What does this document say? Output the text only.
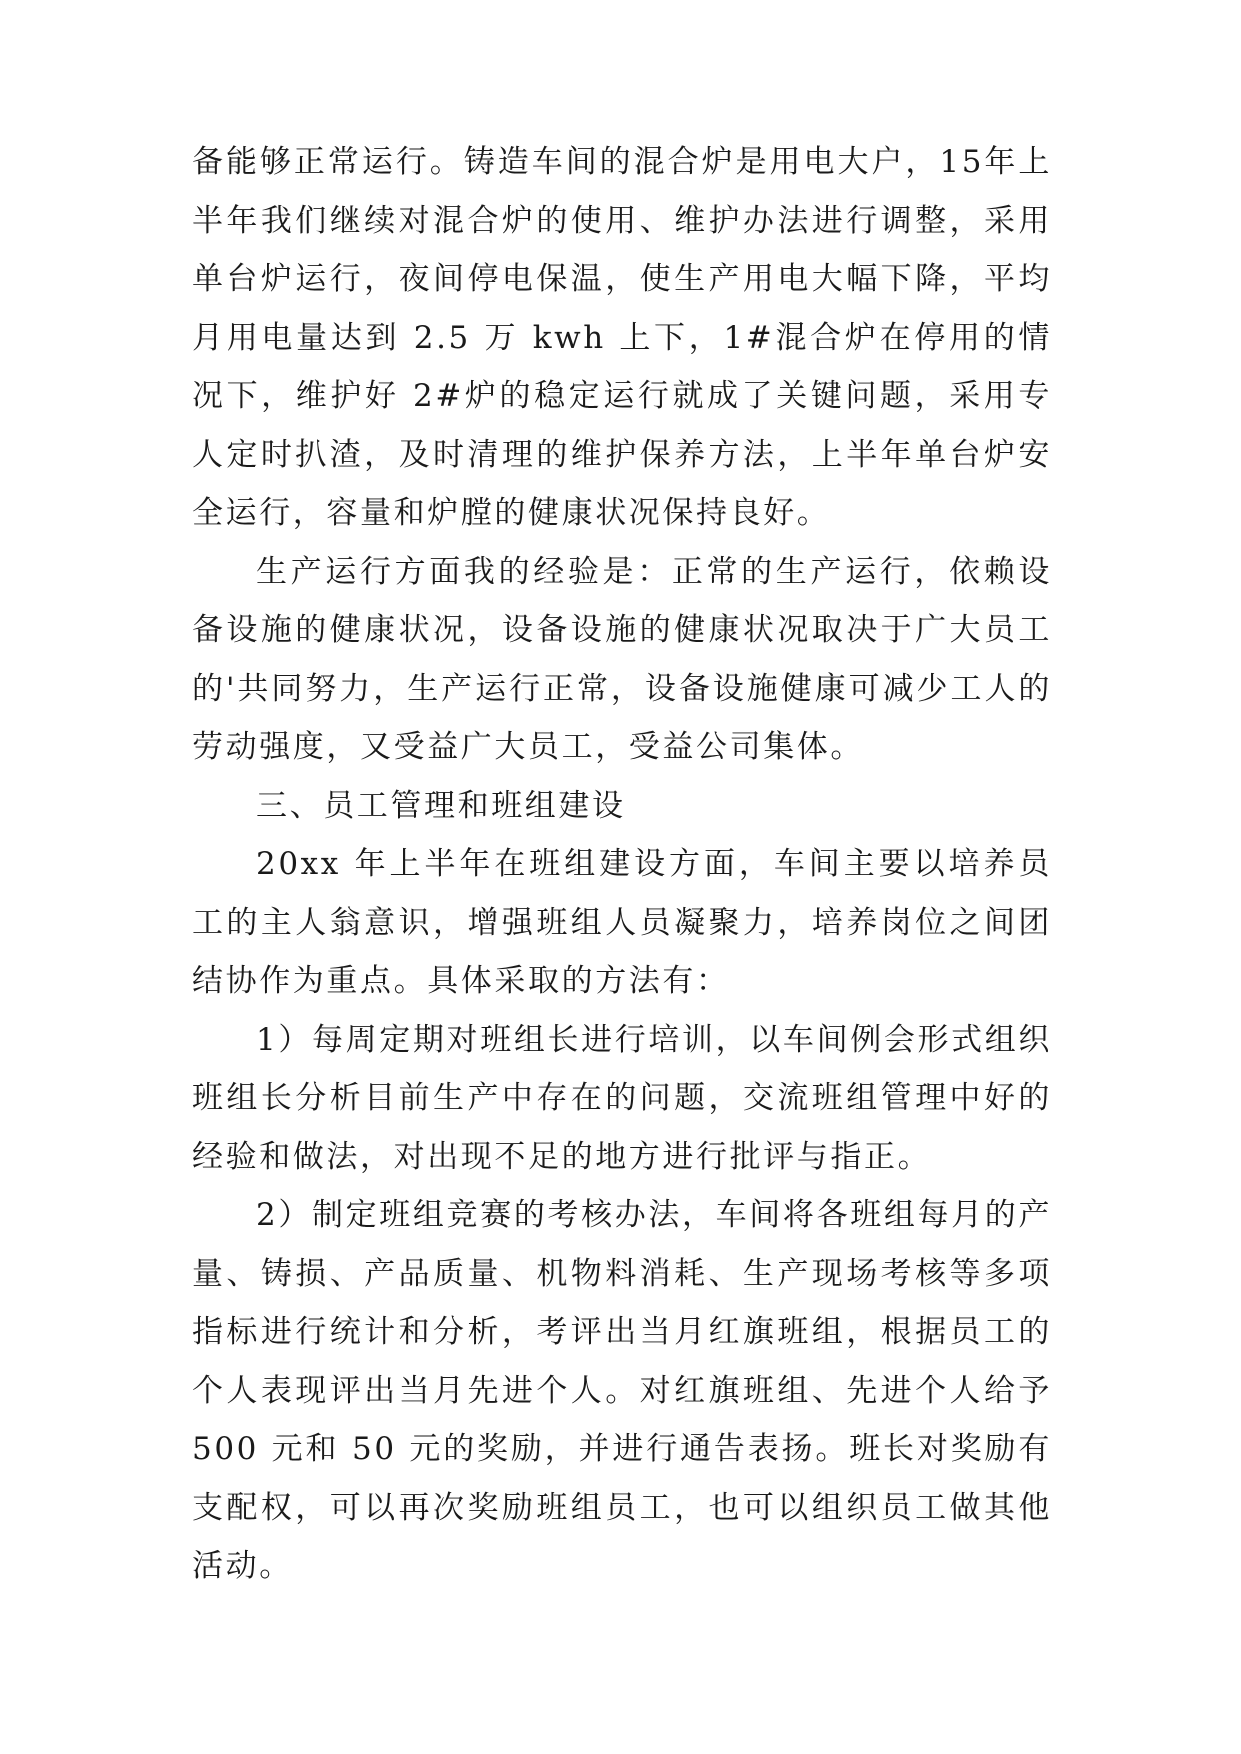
备能够正常运行。铸造车间的混合炉是用电大户，15年上半年我们继续对混合炉的使用、维护办法进行调整，采用单台炉运行，夜间停电保温，使生产用电大幅下降，平均月用电量达到 2.5 万 kwh 上下，1#混合炉在停用的情况下，维护好 2#炉的稳定运行就成了关键问题，采用专人定时扒渣，及时清理的维护保养方法，上半年单台炉安全运行，容量和炉膛的健康状况保持良好。

生产运行方面我的经验是：正常的生产运行，依赖设备设施的健康状况，设备设施的健康状况取决于广大员工的'共同努力，生产运行正常，设备设施健康可减少工人的劳动强度，又受益广大员工，受益公司集体。

三、员工管理和班组建设

20xx 年上半年在班组建设方面，车间主要以培养员工的主人翁意识，增强班组人员凝聚力，培养岗位之间团结协作为重点。具体采取的方法有：

1）每周定期对班组长进行培训，以车间例会形式组织班组长分析目前生产中存在的问题，交流班组管理中好的经验和做法，对出现不足的地方进行批评与指正。

2）制定班组竞赛的考核办法，车间将各班组每月的产量、铸损、产品质量、机物料消耗、生产现场考核等多项指标进行统计和分析，考评出当月红旗班组，根据员工的个人表现评出当月先进个人。对红旗班组、先进个人给予 500 元和 50 元的奖励，并进行通告表扬。班长对奖励有支配权，可以再次奖励班组员工，也可以组织员工做其他活动。
